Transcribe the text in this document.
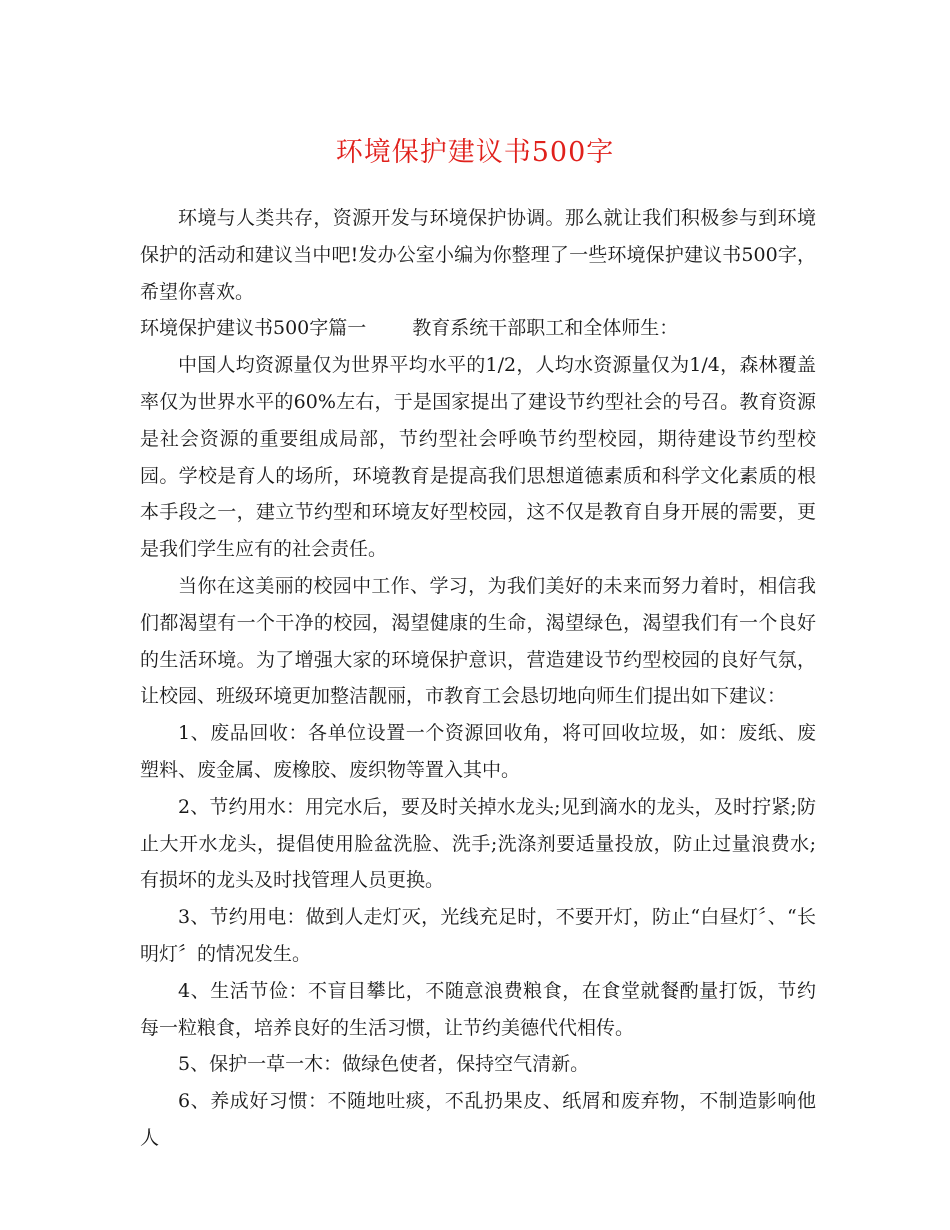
环境保护建议书500字

环境与人类共存，资源开发与环境保护协调。那么就让我们积极参与到环境保护的活动和建议当中吧!发办公室小编为你整理了一些环境保护建议书500字，希望你喜欢。

环境保护建议书500字篇一 教育系统干部职工和全体师生：

中国人均资源量仅为世界平均水平的1/2，人均水资源量仅为1/4，森林覆盖率仅为世界水平的60%左右，于是国家提出了建设节约型社会的号召。教育资源是社会资源的重要组成局部，节约型社会呼唤节约型校园，期待建设节约型校园。学校是育人的场所，环境教育是提高我们思想道德素质和科学文化素质的根本手段之一，建立节约型和环境友好型校园，这不仅是教育自身开展的需要，更是我们学生应有的社会责任。

当你在这美丽的校园中工作、学习，为我们美好的未来而努力着时，相信我们都渴望有一个干净的校园，渴望健康的生命，渴望绿色，渴望我们有一个良好的生活环境。为了增强大家的环境保护意识，营造建设节约型校园的良好气氛，让校园、班级环境更加整洁靓丽，市教育工会恳切地向师生们提出如下建议：

1、废品回收：各单位设置一个资源回收角，将可回收垃圾，如：废纸、废塑料、废金属、废橡胶、废织物等置入其中。

2、节约用水：用完水后，要及时关掉水龙头;见到滴水的龙头，及时拧紧;防止大开水龙头，提倡使用脸盆洗脸、洗手;洗涤剂要适量投放，防止过量浪费水;有损坏的龙头及时找管理人员更换。

3、节约用电：做到人走灯灭，光线充足时，不要开灯，防止“白昼灯〞、“长明灯〞的情况发生。

4、生活节俭：不盲目攀比，不随意浪费粮食，在食堂就餐酌量打饭，节约每一粒粮食，培养良好的生活习惯，让节约美德代代相传。

5、保护一草一木：做绿色使者，保持空气清新。

6、养成好习惯：不随地吐痰，不乱扔果皮、纸屑和废弃物，不制造影响他人
